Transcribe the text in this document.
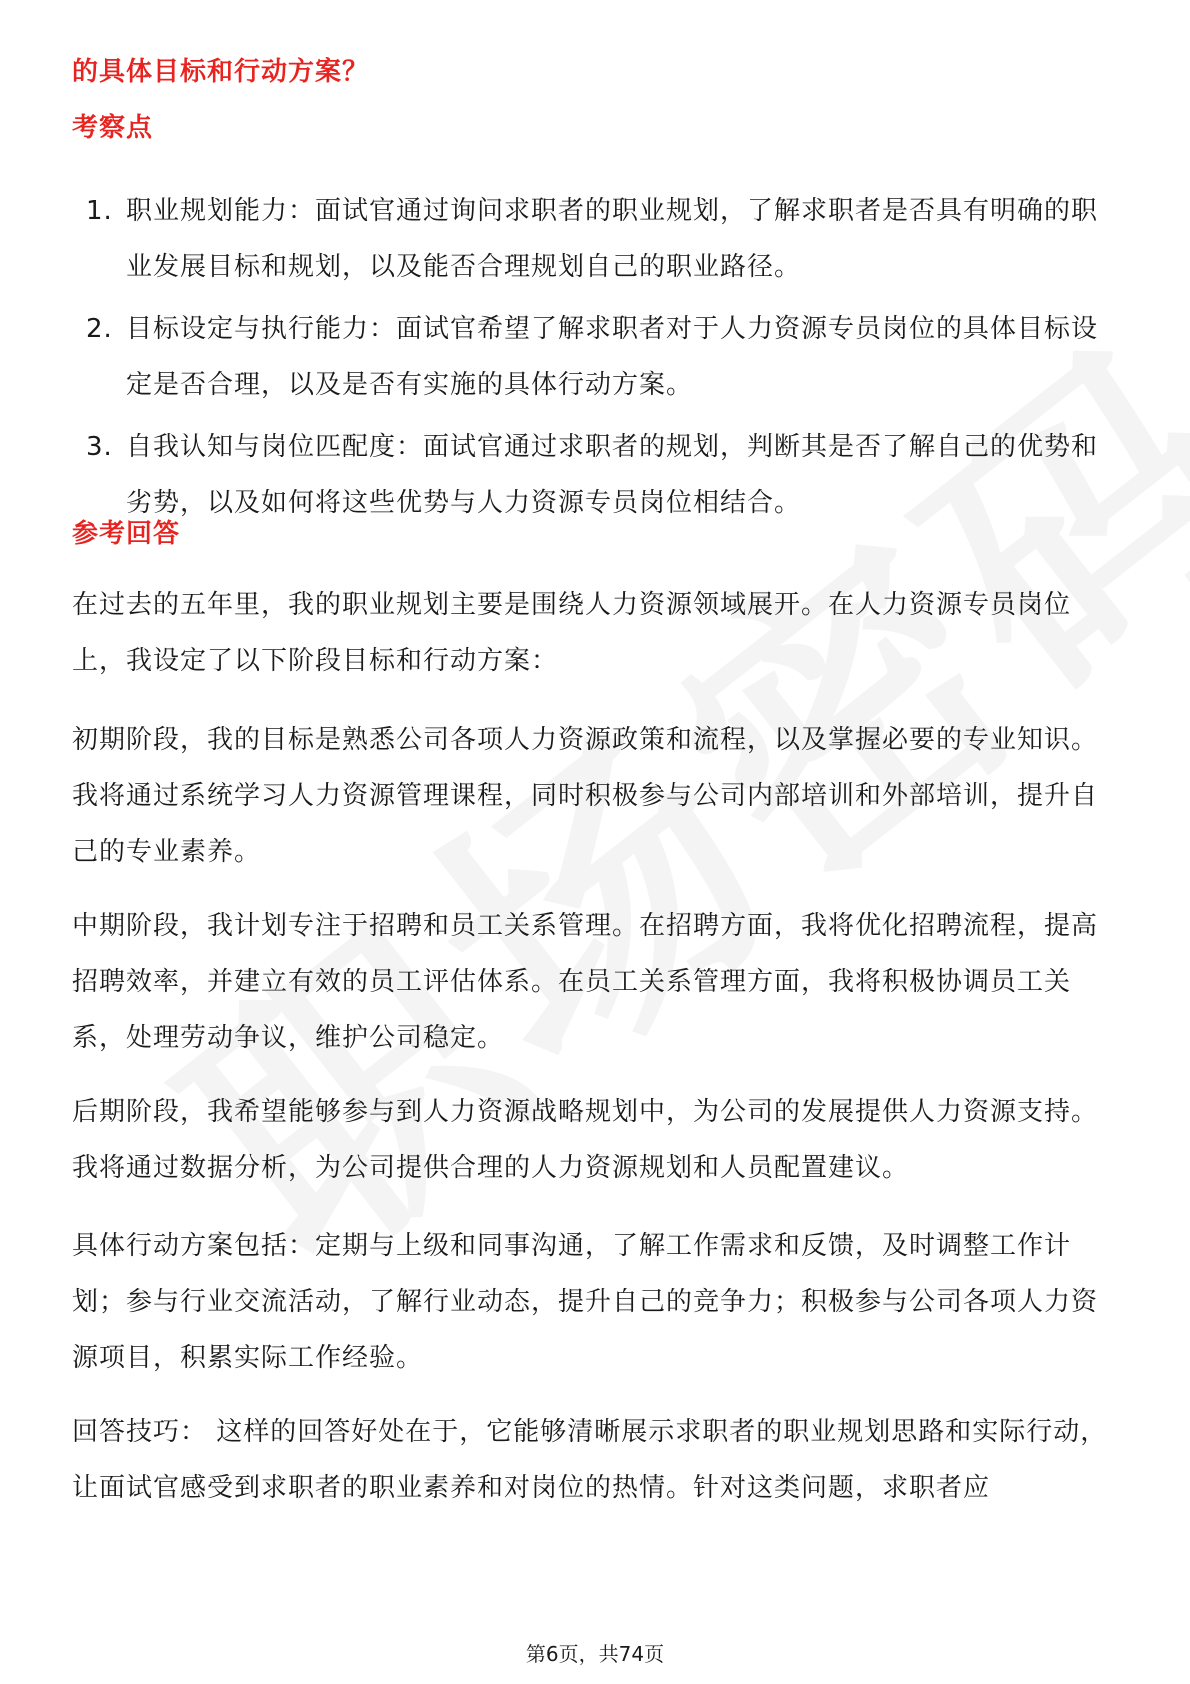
的具体目标和行动方案？
考察点
1. 职业规划能力：面试官通过询问求职者的职业规划，了解求职者是否具有明确的职业发展目标和规划，以及能否合理规划自己的职业路径。
2. 目标设定与执行能力：面试官希望了解求职者对于人力资源专员岗位的具体目标设定是否合理，以及是否有实施的具体行动方案。
3. 自我认知与岗位匹配度：面试官通过求职者的规划，判断其是否了解自己的优势和劣势，以及如何将这些优势与人力资源专员岗位相结合。
参考回答

在过去的五年里，我的职业规划主要是围绕人力资源领域展开。在人力资源专员岗位上，我设定了以下阶段目标和行动方案：

初期阶段，我的目标是熟悉公司各项人力资源政策和流程，以及掌握必要的专业知识。我将通过系统学习人力资源管理课程，同时积极参与公司内部培训和外部培训，提升自己的专业素养。

中期阶段，我计划专注于招聘和员工关系管理。在招聘方面，我将优化招聘流程，提高招聘效率，并建立有效的员工评估体系。在员工关系管理方面，我将积极协调员工关系，处理劳动争议，维护公司稳定。

后期阶段，我希望能够参与到人力资源战略规划中，为公司的发展提供人力资源支持。我将通过数据分析，为公司提供合理的人力资源规划和人员配置建议。

具体行动方案包括：定期与上级和同事沟通，了解工作需求和反馈，及时调整工作计划；参与行业交流活动，了解行业动态，提升自己的竞争力；积极参与公司各项人力资源项目，积累实际工作经验。

回答技巧： 这样的回答好处在于，它能够清晰展示求职者的职业规划思路和实际行动，让面试官感受到求职者的职业素养和对岗位的热情。针对这类问题，求职者应

第6页，共74页
